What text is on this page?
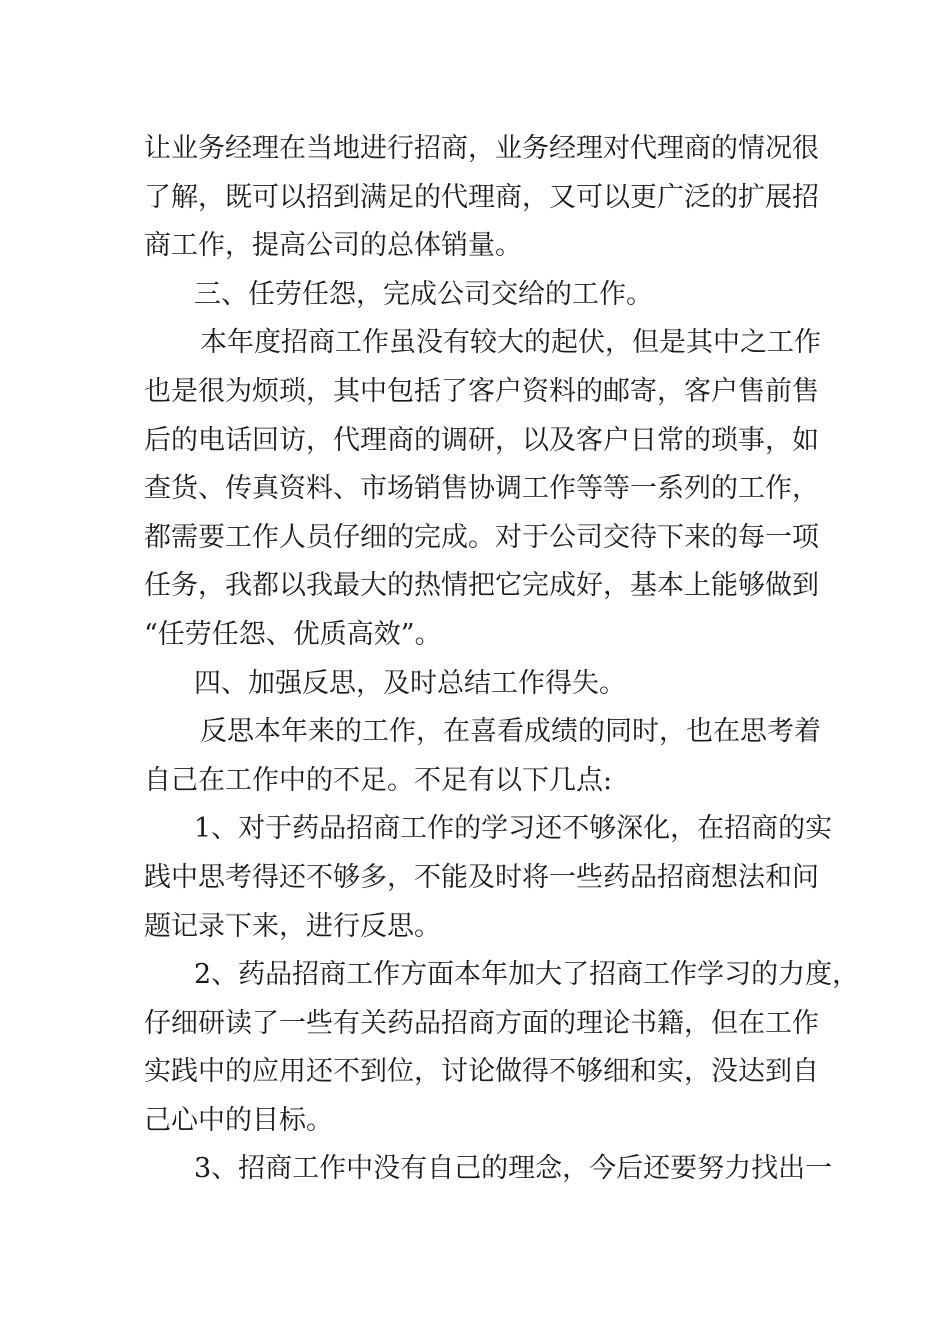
让业务经理在当地进行招商，业务经理对代理商的情况很
了解，既可以招到满足的代理商，又可以更广泛的扩展招
商工作，提高公司的总体销量。
三、任劳任怨，完成公司交给的工作。
本年度招商工作虽没有较大的起伏，但是其中之工作
也是很为烦琐，其中包括了客户资料的邮寄，客户售前售
后的电话回访，代理商的调研，以及客户日常的琐事，如
查货、传真资料、市场销售协调工作等等一系列的工作，
都需要工作人员仔细的完成。对于公司交待下来的每一项
任务，我都以我最大的热情把它完成好，基本上能够做到
“任劳任怨、优质高效”。
四、加强反思，及时总结工作得失。
反思本年来的工作，在喜看成绩的同时，也在思考着
自己在工作中的不足。不足有以下几点:
1、对于药品招商工作的学习还不够深化，在招商的实
践中思考得还不够多，不能及时将一些药品招商想法和问
题记录下来，进行反思。
2、药品招商工作方面本年加大了招商工作学习的力度，
仔细研读了一些有关药品招商方面的理论书籍，但在工作
实践中的应用还不到位，讨论做得不够细和实，没达到自
己心中的目标。
3、招商工作中没有自己的理念，今后还要努力找出一
